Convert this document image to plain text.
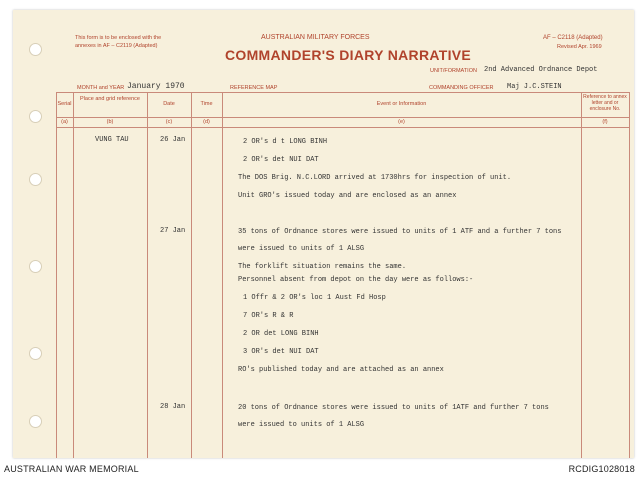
This form is to be enclosed with the
annexes in AF – C2119 (Adapted)
AUSTRALIAN MILITARY FORCES
COMMANDER'S DIARY NARRATIVE
AF – C2118 (Adapted)
Revised Apr. 1969
UNIT/FORMATION 2nd Advanced Ordnance Depot
MONTH and YEAR January 1970	REFERENCE MAP	COMMANDING OFFICER Maj J.C.STEIN
Serial
Place and grid reference
Date	Time	Event or Information
Reference to annex letter and or enclosure No.
(a)	(b)	(c)	(d)	(e)	(f)
VUNG TAU	26 Jan	2 OR's d t LONG BINH
2 OR's det NUI DAT
The DOS Brig. N.C.LORD arrived at 1730hrs for inspection of unit.
Unit GRO's issued today and are enclosed as an annex
27 Jan	35 tons of Ordnance stores were issued to units of 1 ATF and a further 7 tons
were issued to units of 1 ALSG
The forklift situation remains the same.
Personnel absent from depot on the day were as follows:-
1 Offr & 2 OR's loc 1 Aust Fd Hosp
7 OR's R & R
2 OR det LONG BINH
3 OR's det NUI DAT
RO's published today and are attached as an annex
28 Jan	20 tons of Ordnance stores were issued to units of 1ATF and further 7 tons
were issued to units of 1 ALSG
AUSTRALIAN WAR MEMORIAL	RCDIG1028018
